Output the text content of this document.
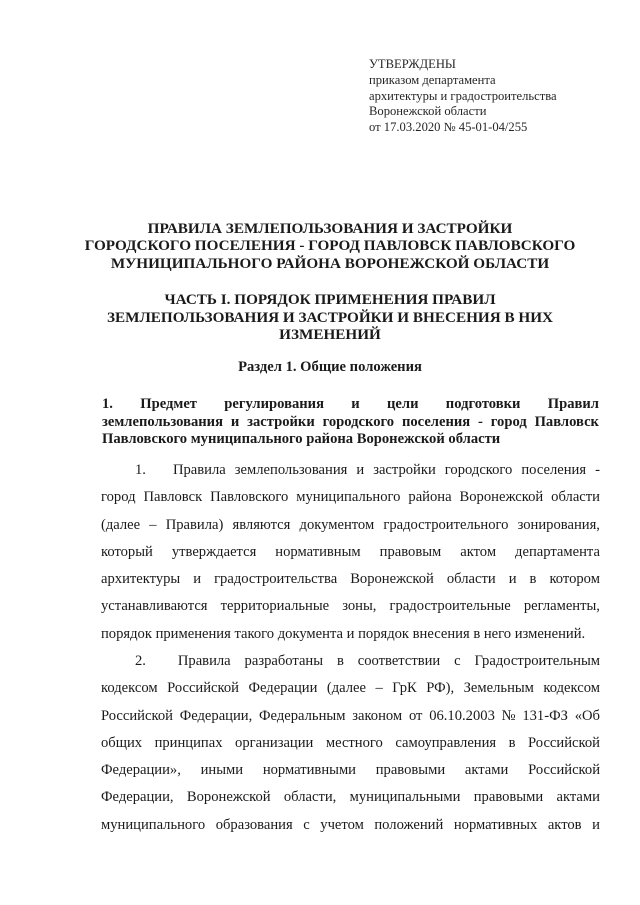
УТВЕРЖДЕНЫ
приказом департамента
архитектуры и градостроительства
Воронежской области
от 17.03.2020 № 45-01-04/255
ПРАВИЛА ЗЕМЛЕПОЛЬЗОВАНИЯ И ЗАСТРОЙКИ
ГОРОДСКОГО ПОСЕЛЕНИЯ - ГОРОД ПАВЛОВСК ПАВЛОВСКОГО
МУНИЦИПАЛЬНОГО РАЙОНА ВОРОНЕЖСКОЙ ОБЛАСТИ
ЧАСТЬ I. ПОРЯДОК ПРИМЕНЕНИЯ ПРАВИЛ
ЗЕМЛЕПОЛЬЗОВАНИЯ И ЗАСТРОЙКИ И ВНЕСЕНИЯ В НИХ
ИЗМЕНЕНИЙ
Раздел 1. Общие положения
1. Предмет регулирования и цели подготовки Правил
землепользования и застройки городского поселения - город Павловск
Павловского муниципального района Воронежской области
1. Правила землепользования и застройки городского поселения -
город Павловск Павловского муниципального района Воронежской области
(далее – Правила) являются документом градостроительного зонирования,
который утверждается нормативным правовым актом департамента
архитектуры и градостроительства Воронежской области и в котором
устанавливаются территориальные зоны, градостроительные регламенты,
порядок применения такого документа и порядок внесения в него изменений.
2. Правила разработаны в соответствии с Градостроительным
кодексом Российской Федерации (далее – ГрК РФ), Земельным кодексом
Российской Федерации, Федеральным законом от 06.10.2003 № 131-ФЗ «Об
общих принципах организации местного самоуправления в Российской
Федерации», иными нормативными правовыми актами Российской
Федерации, Воронежской области, муниципальными правовыми актами
муниципального образования с учетом положений нормативных актов и
